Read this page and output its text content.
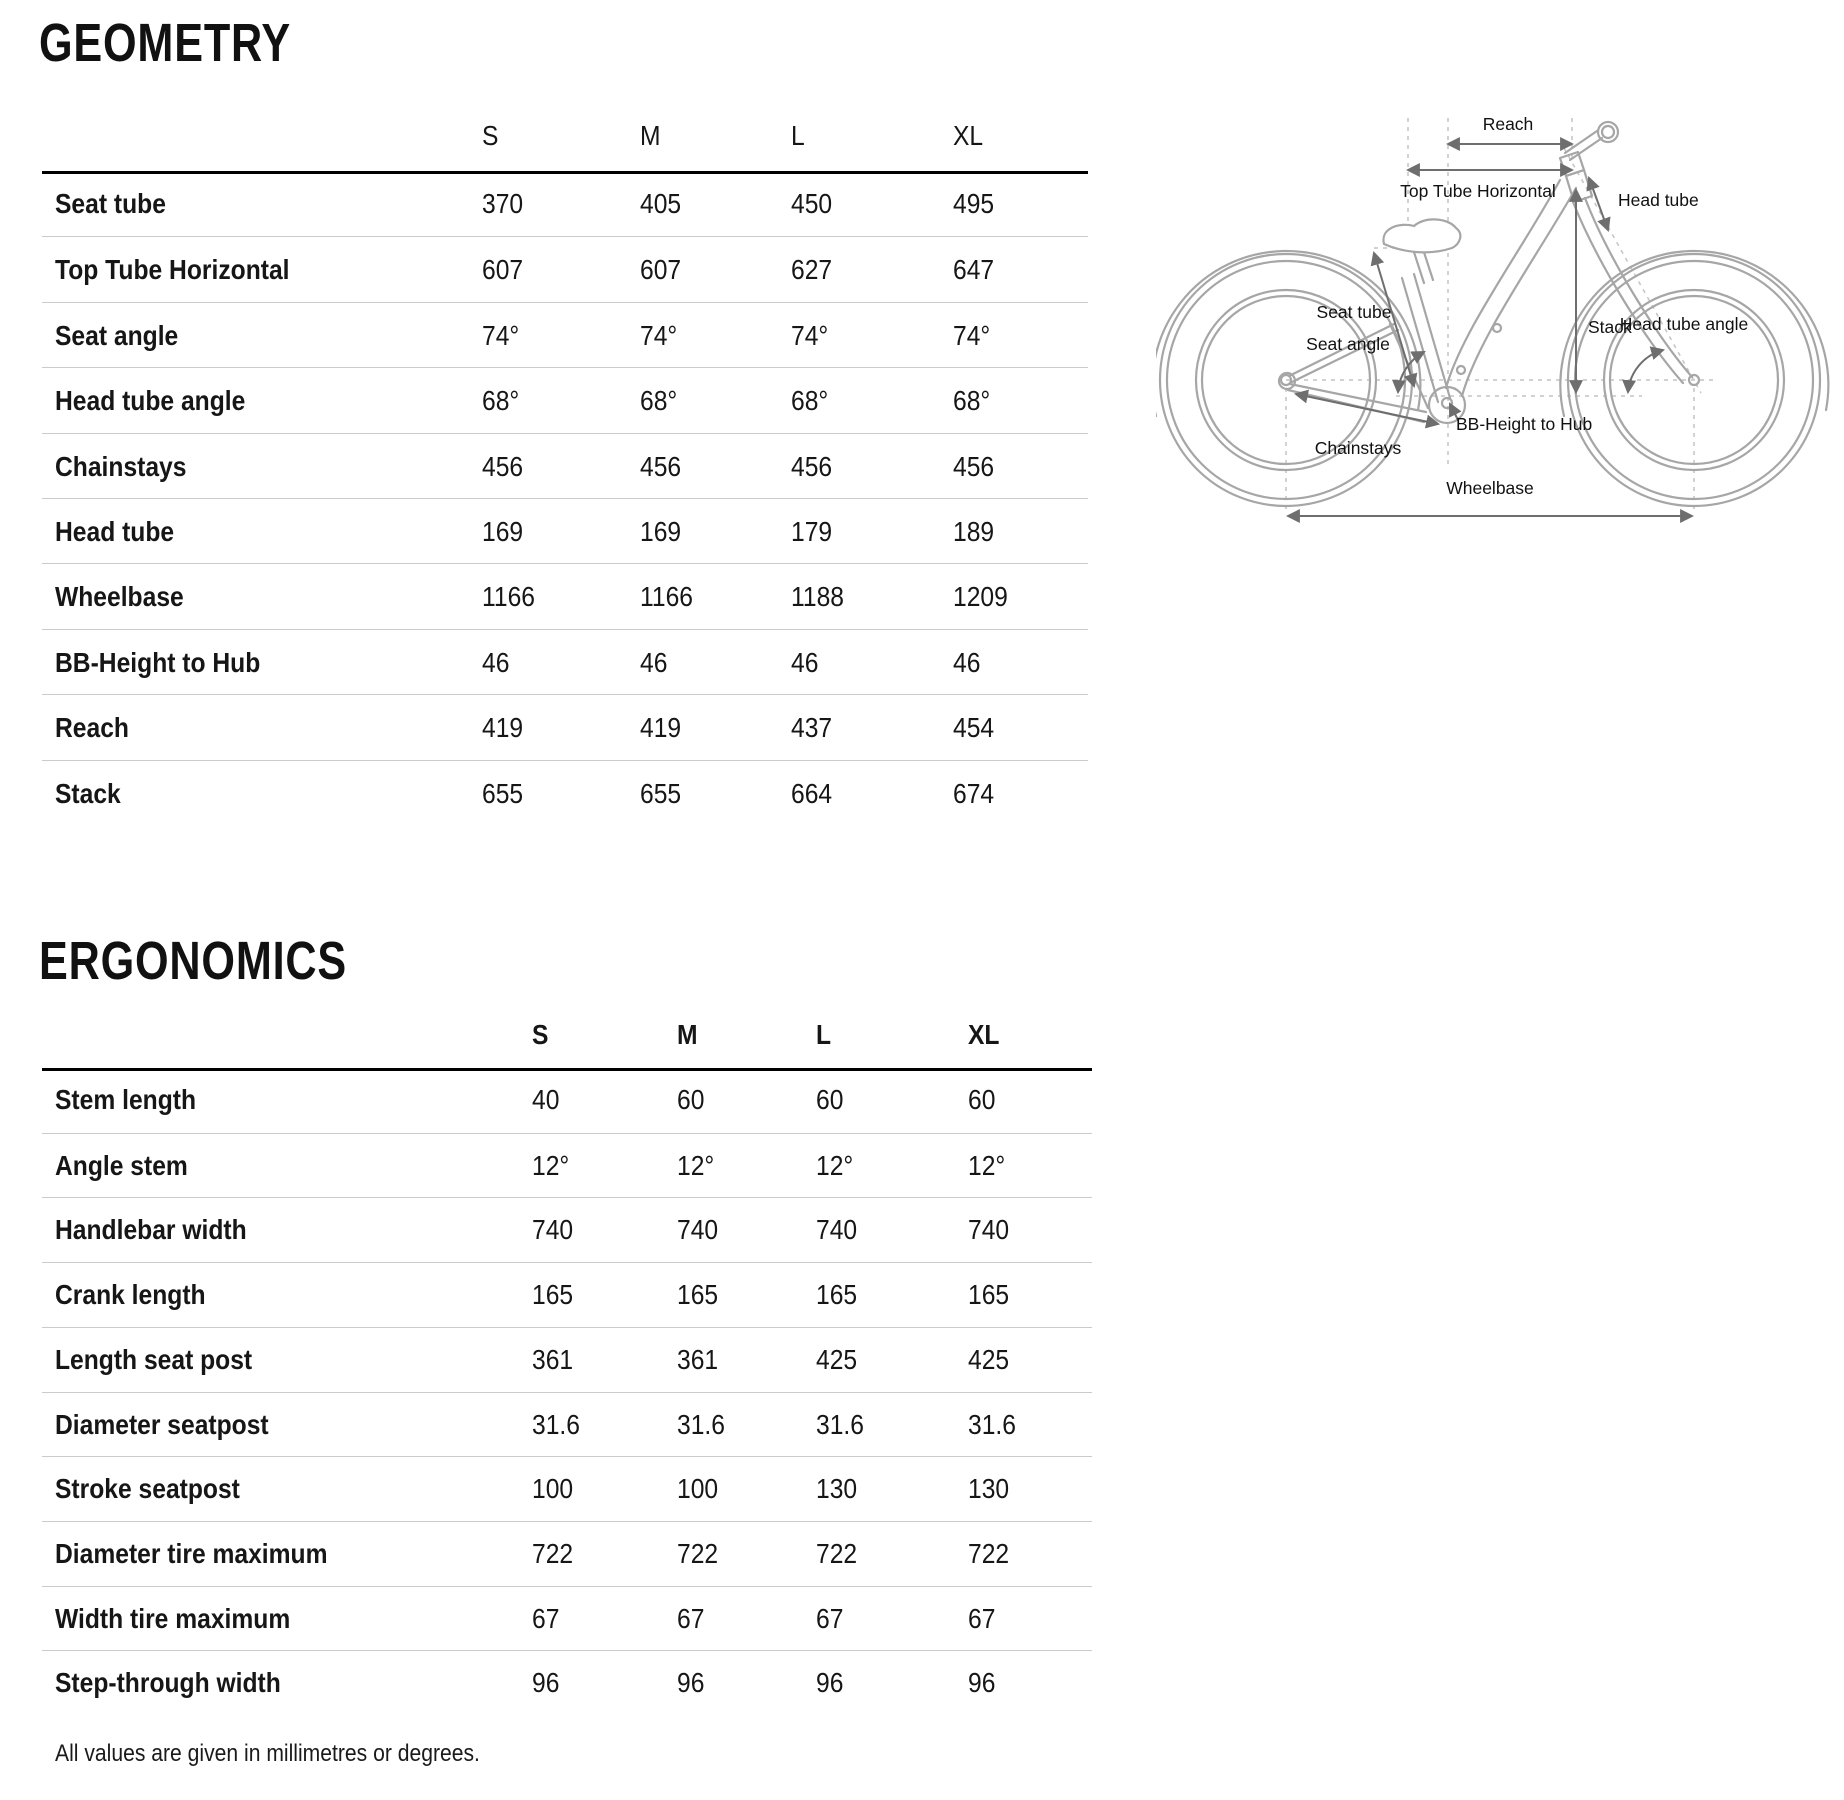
GEOMETRY
S	M	L	XL
Seat tube	370	405	450	495
Top Tube Horizontal	607	607	627	647
Seat angle	74°	74°	74°	74°
Head tube angle	68°	68°	68°	68°
Chainstays	456	456	456	456
Head tube	169	169	179	189
Wheelbase	1166	1166	1188	1209
BB-Height to Hub	46	46	46	46
Reach	419	419	437	454
Stack	655	655	664	674
Reach
Top Tube Horizontal	Head tube
Stack
Seat tube
Seat angle
Head tube angle
BB-Height to Hub
Chainstays
Wheelbase
ERGONOMICS
S	M	L	XL
Stem length	40	60	60	60
Angle stem	12°	12°	12°	12°
Handlebar width	740	740	740	740
Crank length	165	165	165	165
Length seat post	361	361	425	425
Diameter seatpost	31.6	31.6	31.6	31.6
Stroke seatpost	100	100	130	130
Diameter tire maximum	722	722	722	722
Width tire maximum	67	67	67	67
Step-through width	96	96	96	96
All values are given in millimetres or degrees.
